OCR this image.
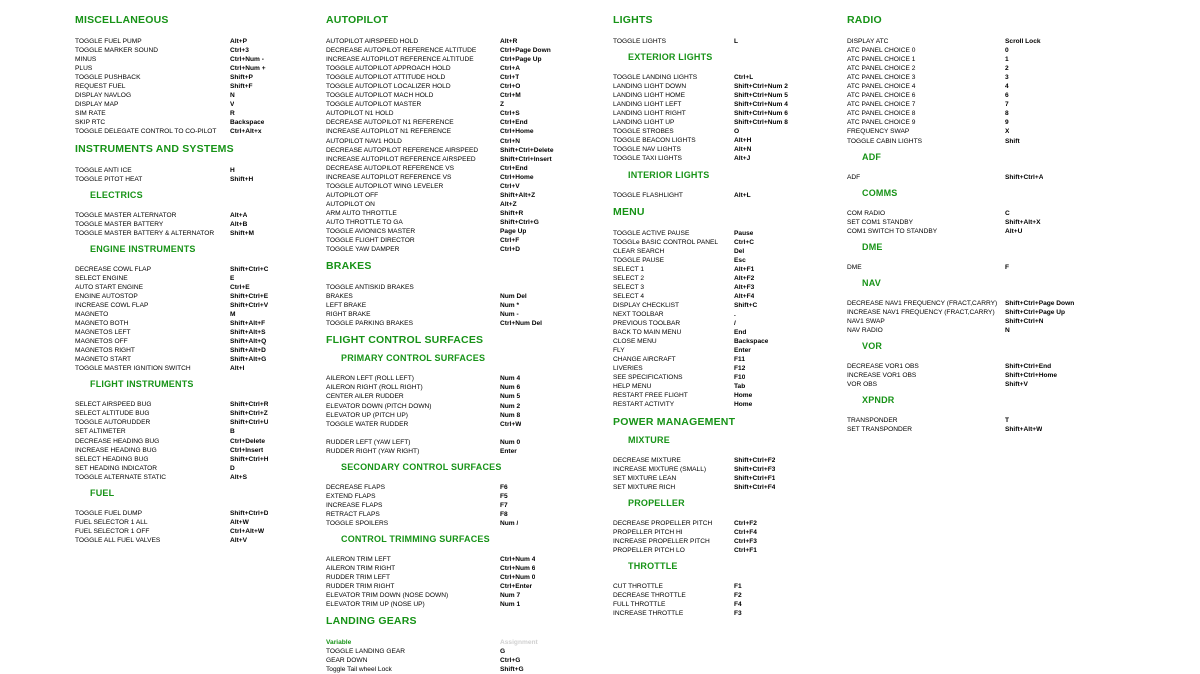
MISCELLANEOUS
TOGGLE FUEL PUMP	Alt+P
TOGGLE MARKER SOUND	Ctrl+3
MINUS	Ctrl+Num -
PLUS	Ctrl+Num +
TOGGLE PUSHBACK	Shift+P
REQUEST FUEL	Shift+F
DISPLAY NAVLOG	N
DISPLAY MAP	V
SIM RATE	R
SKIP RTC	Backspace
TOGGLE DELEGATE CONTROL TO CO-PILOT	Ctrl+Alt+x
INSTRUMENTS AND SYSTEMS
TOGGLE ANTI ICE	H
TOGGLE PITOT HEAT	Shift+H
ELECTRICS
TOGGLE MASTER ALTERNATOR	Alt+A
TOGGLE MASTER BATTERY	Alt+B
TOGGLE MASTER BATTERY & ALTERNATOR	Shift+M
ENGINE INSTRUMENTS
DECREASE COWL FLAP	Shift+Ctrl+C
SELECT ENGINE	E
AUTO START ENGINE	Ctrl+E
ENGINE AUTOSTOP	Shift+Ctrl+E
INCREASE COWL FLAP	Shift+Ctrl+V
MAGNETO	M
MAGNETO BOTH	Shift+Alt+F
MAGNETOS LEFT	Shift+Alt+S
MAGNETOS OFF	Shift+Alt+Q
MAGNETOS RIGHT	Shift+Alt+D
MAGNETO START	Shift+Alt+G
TOGGLE MASTER IGNITION SWITCH	Alt+I
FLIGHT INSTRUMENTS
SELECT AIRSPEED BUG	Shift+Ctrl+R
SELECT ALTITUDE BUG	Shift+Ctrl+Z
TOGGLE AUTORUDDER	Shift+Ctrl+U
SET ALTIMETER	B
DECREASE HEADING BUG	Ctrl+Delete
INCREASE HEADING BUG	Ctrl+Insert
SELECT HEADING BUG	Shift+Ctrl+H
SET HEADING INDICATOR	D
TOGGLE ALTERNATE STATIC	Alt+S
FUEL
TOGGLE FUEL DUMP	Shift+Ctrl+D
FUEL SELECTOR 1 ALL	Alt+W
FUEL SELECTOR 1 OFF	Ctrl+Alt+W
TOGGLE ALL FUEL VALVES	Alt+V
AUTOPILOT
AUTOPILOT AIRSPEED HOLD	Alt+R
DECREASE AUTOPILOT REFERENCE ALTITUDE	Ctrl+Page Down
INCREASE AUTOPILOT REFERENCE ALTITUDE	Ctrl+Page Up
TOGGLE AUTOPILOT APPROACH HOLD	Ctrl+A
TOGGLE AUTOPILOT ATTITUDE HOLD	Ctrl+T
TOGGLE AUTOPILOT LOCALIZER HOLD	Ctrl+O
TOGGLE AUTOPILOT MACH HOLD	Ctrl+M
TOGGLE AUTOPILOT MASTER	Z
AUTOPILOT N1 HOLD	Ctrl+S
DECREASE AUTOPILOT N1 REFERENCE	Ctrl+End
INCREASE AUTOPILOT N1 REFERENCE	Ctrl+Home
AUTOPILOT NAV1 HOLD	Ctrl+N
DECREASE AUTOPILOT REFERENCE AIRSPEED	Shift+Ctrl+Delete
INCREASE AUTOPILOT REFERENCE AIRSPEED	Shift+Ctrl+Insert
DECREASE AUTOPILOT REFERENCE VS	Ctrl+End
INCREASE AUTOPILOT REFERENCE VS	Ctrl+Home
TOGGLE AUTOPILOT WING LEVELER	Ctrl+V
AUTOPILOT OFF	Shift+Alt+Z
AUTOPILOT ON	Alt+Z
ARM AUTO THROTTLE	Shift+R
AUTO THROTTLE TO GA	Shift+Ctrl+G
TOGGLE AVIONICS MASTER	Page Up
TOGGLE FLIGHT DIRECTOR	Ctrl+F
TOGGLE YAW DAMPER	Ctrl+D
BRAKES
TOGGLE ANTISKID BRAKES
BRAKES	Num Del
LEFT BRAKE	Num *
RIGHT BRAKE	Num -
TOGGLE PARKING BRAKES	Ctrl+Num Del
FLIGHT CONTROL SURFACES
PRIMARY CONTROL SURFACES
AILERON LEFT (ROLL LEFT)	Num 4
AILERON RIGHT (ROLL RIGHT)	Num 6
CENTER AILER RUDDER	Num 5
ELEVATOR DOWN (PITCH DOWN)	Num 2
ELEVATOR UP (PITCH UP)	Num 8
TOGGLE WATER RUDDER	Ctrl+W
RUDDER LEFT (YAW LEFT)	Num 0
RUDDER RIGHT (YAW RIGHT)	Enter
SECONDARY CONTROL SURFACES
DECREASE FLAPS	F6
EXTEND FLAPS	F5
INCREASE FLAPS	F7
RETRACT FLAPS	F8
TOGGLE SPOILERS	Num /
CONTROL TRIMMING SURFACES
AILERON TRIM LEFT	Ctrl+Num 4
AILERON TRIM RIGHT	Ctrl+Num 6
RUDDER TRIM LEFT	Ctrl+Num 0
RUDDER TRIM RIGHT	Ctrl+Enter
ELEVATOR TRIM DOWN (NOSE DOWN)	Num 7
ELEVATOR TRIM UP (NOSE UP)	Num 1
LANDING GEARS
Variable	Assignment
TOGGLE LANDING GEAR	G
GEAR DOWN	Ctrl+G
Toggle Tail wheel Lock	Shift+G
LIGHTS
TOGGLE LIGHTS	L
EXTERIOR LIGHTS
TOGGLE LANDING LIGHTS	Ctrl+L
LANDING LIGHT DOWN	Shift+Ctrl+Num 2
LANDING LIGHT HOME	Shift+Ctrl+Num 5
LANDING LIGHT LEFT	Shift+Ctrl+Num 4
LANDING LIGHT RIGHT	Shift+Ctrl+Num 6
LANDING LIGHT UP	Shift+Ctrl+Num 8
TOGGLE STROBES	O
TOGGLE BEACON LIGHTS	Alt+H
TOGGLE NAV LIGHTS	Alt+N
TOGGLE TAXI LIGHTS	Alt+J
INTERIOR LIGHTS
TOGGLE FLASHLIGHT	Alt+L
MENU
TOGGLE ACTIVE PAUSE	Pause
TOGGLe BASIC CONTROL PANEL	Ctrl+C
CLEAR SEARCH	Del
TOGGLE PAUSE	Esc
SELECT 1	Alt+F1
SELECT 2	Alt+F2
SELECT 3	Alt+F3
SELECT 4	Alt+F4
DISPLAY CHECKLIST	Shift+C
NEXT TOOLBAR	.
PREVIOUS TOOLBAR	/
BACK TO MAIN MENU	End
CLOSE MENU	Backspace
FLY	Enter
CHANGE AIRCRAFT	F11
LIVERIES	F12
SEE SPECIFICATIONS	F10
HELP MENU	Tab
RESTART FREE FLIGHT	Home
RESTART ACTIVITY	Home
POWER MANAGEMENT
MIXTURE
DECREASE MIXTURE	Shift+Ctrl+F2
INCREASE MIXTURE (SMALL)	Shift+Ctrl+F3
SET MIXTURE LEAN	Shift+Ctrl+F1
SET MIXTURE RICH	Shift+Ctrl+F4
PROPELLER
DECREASE PROPELLER PITCH	Ctrl+F2
PROPELLER PITCH HI	Ctrl+F4
INCREASE PROPELLER PITCH	Ctrl+F3
PROPELLER PITCH LO	Ctrl+F1
THROTTLE
CUT THROTTLE	F1
DECREASE THROTTLE	F2
FULL THROTTLE	F4
INCREASE THROTTLE	F3
RADIO
DISPLAY ATC	Scroll Lock
ATC PANEL CHOICE 0	0
ATC PANEL CHOICE 1	1
ATC PANEL CHOICE 2	2
ATC PANEL CHOICE 3	3
ATC PANEL CHOICE 4	4
ATC PANEL CHOICE 6	6
ATC PANEL CHOICE 7	7
ATC PANEL CHOICE 8	8
ATC PANEL CHOICE 9	9
FREQUENCY SWAP	X
TOGGLE CABIN LIGHTS	Shift
ADF
ADF	Shift+Ctrl+A
COMMS
COM RADIO	C
SET COM1 STANDBY	Shift+Alt+X
COM1 SWITCH TO STANDBY	Alt+U
DME
DME	F
NAV
DECREASE NAV1 FREQUENCY (FRACT,CARRY)	Shift+Ctrl+Page Down
INCREASE NAV1 FREQUENCY (FRACT,CARRY)	Shift+Ctrl+Page Up
NAV1 SWAP	Shift+Ctrl+N
NAV RADIO	N
VOR
DECREASE VOR1 OBS	Shift+Ctrl+End
INCREASE VOR1 OBS	Shift+Ctrl+Home
VOR OBS	Shift+V
XPNDR
TRANSPONDER	T
SET TRANSPONDER	Shift+Alt+W
